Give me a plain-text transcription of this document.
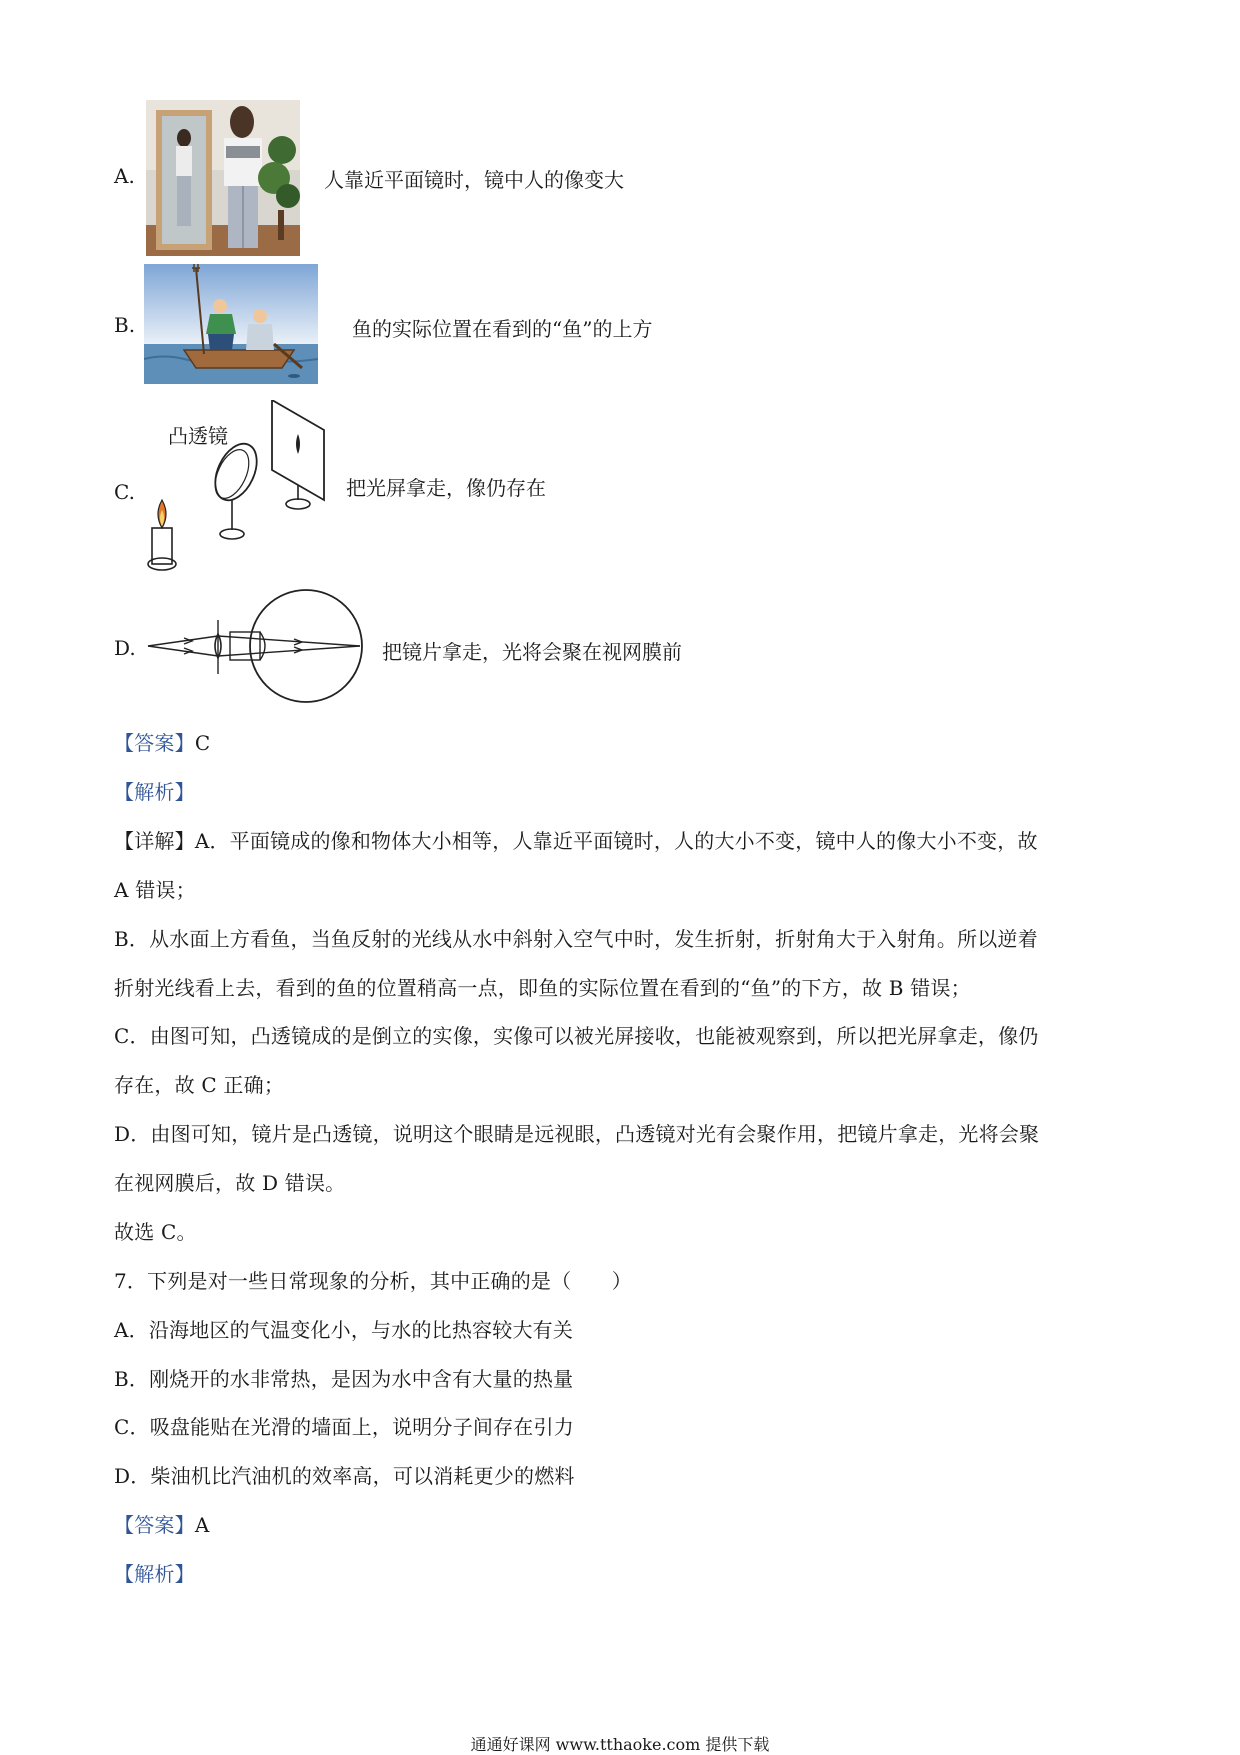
A.	人靠近平面镜时，镜中人的像变大
B.	鱼的实际位置在看到的“鱼”的上方
C.
凸透镜
把光屏拿走，像仍存在
D.	把镜片拿走，光将会聚在视网膜前
【答案】C
【解析】
【详解】A．平面镜成的像和物体大小相等，人靠近平面镜时，人的大小不变，镜中人的像大小不变，故
A 错误；
B．从水面上方看鱼，当鱼反射的光线从水中斜射入空气中时，发生折射，折射角大于入射角。所以逆着
折射光线看上去，看到的鱼的位置稍高一点，即鱼的实际位置在看到的“鱼”的下方，故 B 错误；
C．由图可知，凸透镜成的是倒立的实像，实像可以被光屏接收，也能被观察到，所以把光屏拿走，像仍
存在，故 C 正确；
D．由图可知，镜片是凸透镜，说明这个眼睛是远视眼，凸透镜对光有会聚作用，把镜片拿走，光将会聚
在视网膜后，故 D 错误。
故选 C。
7．下列是对一些日常现象的分析，其中正确的是（　　）
A．沿海地区的气温变化小，与水的比热容较大有关
B．刚烧开的水非常热，是因为水中含有大量的热量
C．吸盘能贴在光滑的墙面上，说明分子间存在引力
D．柴油机比汽油机的效率高，可以消耗更少的燃料
【答案】A
【解析】
通通好课网 www.tthaoke.com 提供下载
